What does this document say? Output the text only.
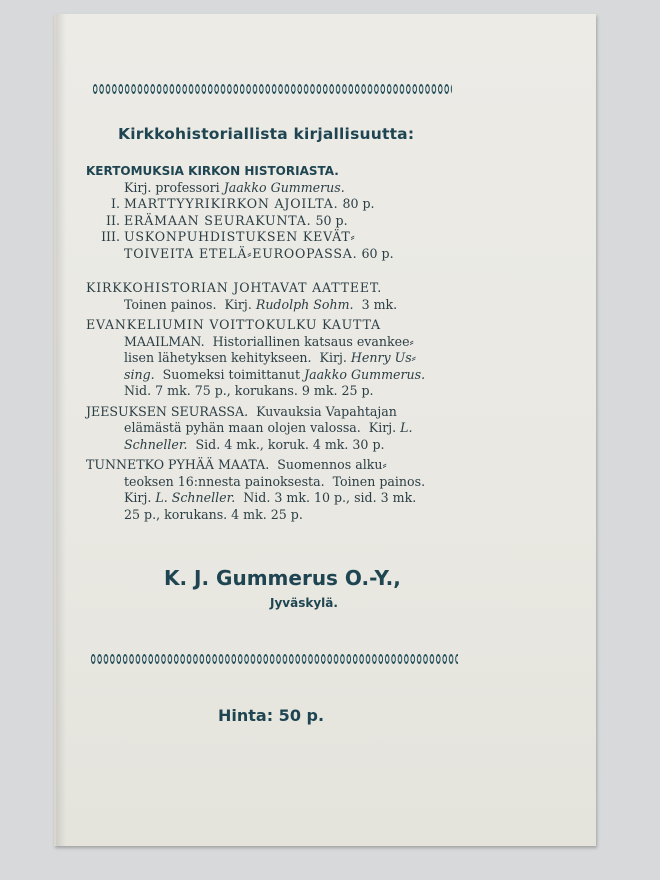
Kirkkohistoriallista kirjallisuutta:
KERTOMUKSIA KIRKON HISTORIASTA.
Kirj. professori Jaakko Gummerus.
I. MARTTYYRIKIRKON AJOILTA. 80 p.
II. ERÄMAAN SEURAKUNTA. 50 p.
III. USKONPUHDISTUKSEN KEVÄT⸗
TOIVEITA ETELÄ⸗EUROOPASSA. 60 p.
KIRKKOHISTORIAN JOHTAVAT AATTEET.
Toinen painos.  Kirj. Rudolph Sohm.  3 mk.
EVANKELIUMIN VOITTOKULKU KAUTTA
MAAILMAN.  Historiallinen katsaus evankee⸗
lisen lähetyksen kehitykseen.  Kirj. Henry Us⸗
sing.  Suomeksi toimittanut Jaakko Gummerus.
Nid. 7 mk. 75 p., korukans. 9 mk. 25 p.
JEESUKSEN SEURASSA.  Kuvauksia Vapahtajan
elämästä pyhän maan olojen valossa.  Kirj. L.
Schneller.  Sid. 4 mk., koruk. 4 mk. 30 p.
TUNNETKO PYHÄÄ MAATA.  Suomennos alku⸗
teoksen 16:nnesta painoksesta.  Toinen painos.
Kirj. L. Schneller.  Nid. 3 mk. 10 p., sid. 3 mk.
25 p., korukans. 4 mk. 25 p.
K. J. Gummerus O.-Y.,
Jyväskylä.
Hinta: 50 p.
